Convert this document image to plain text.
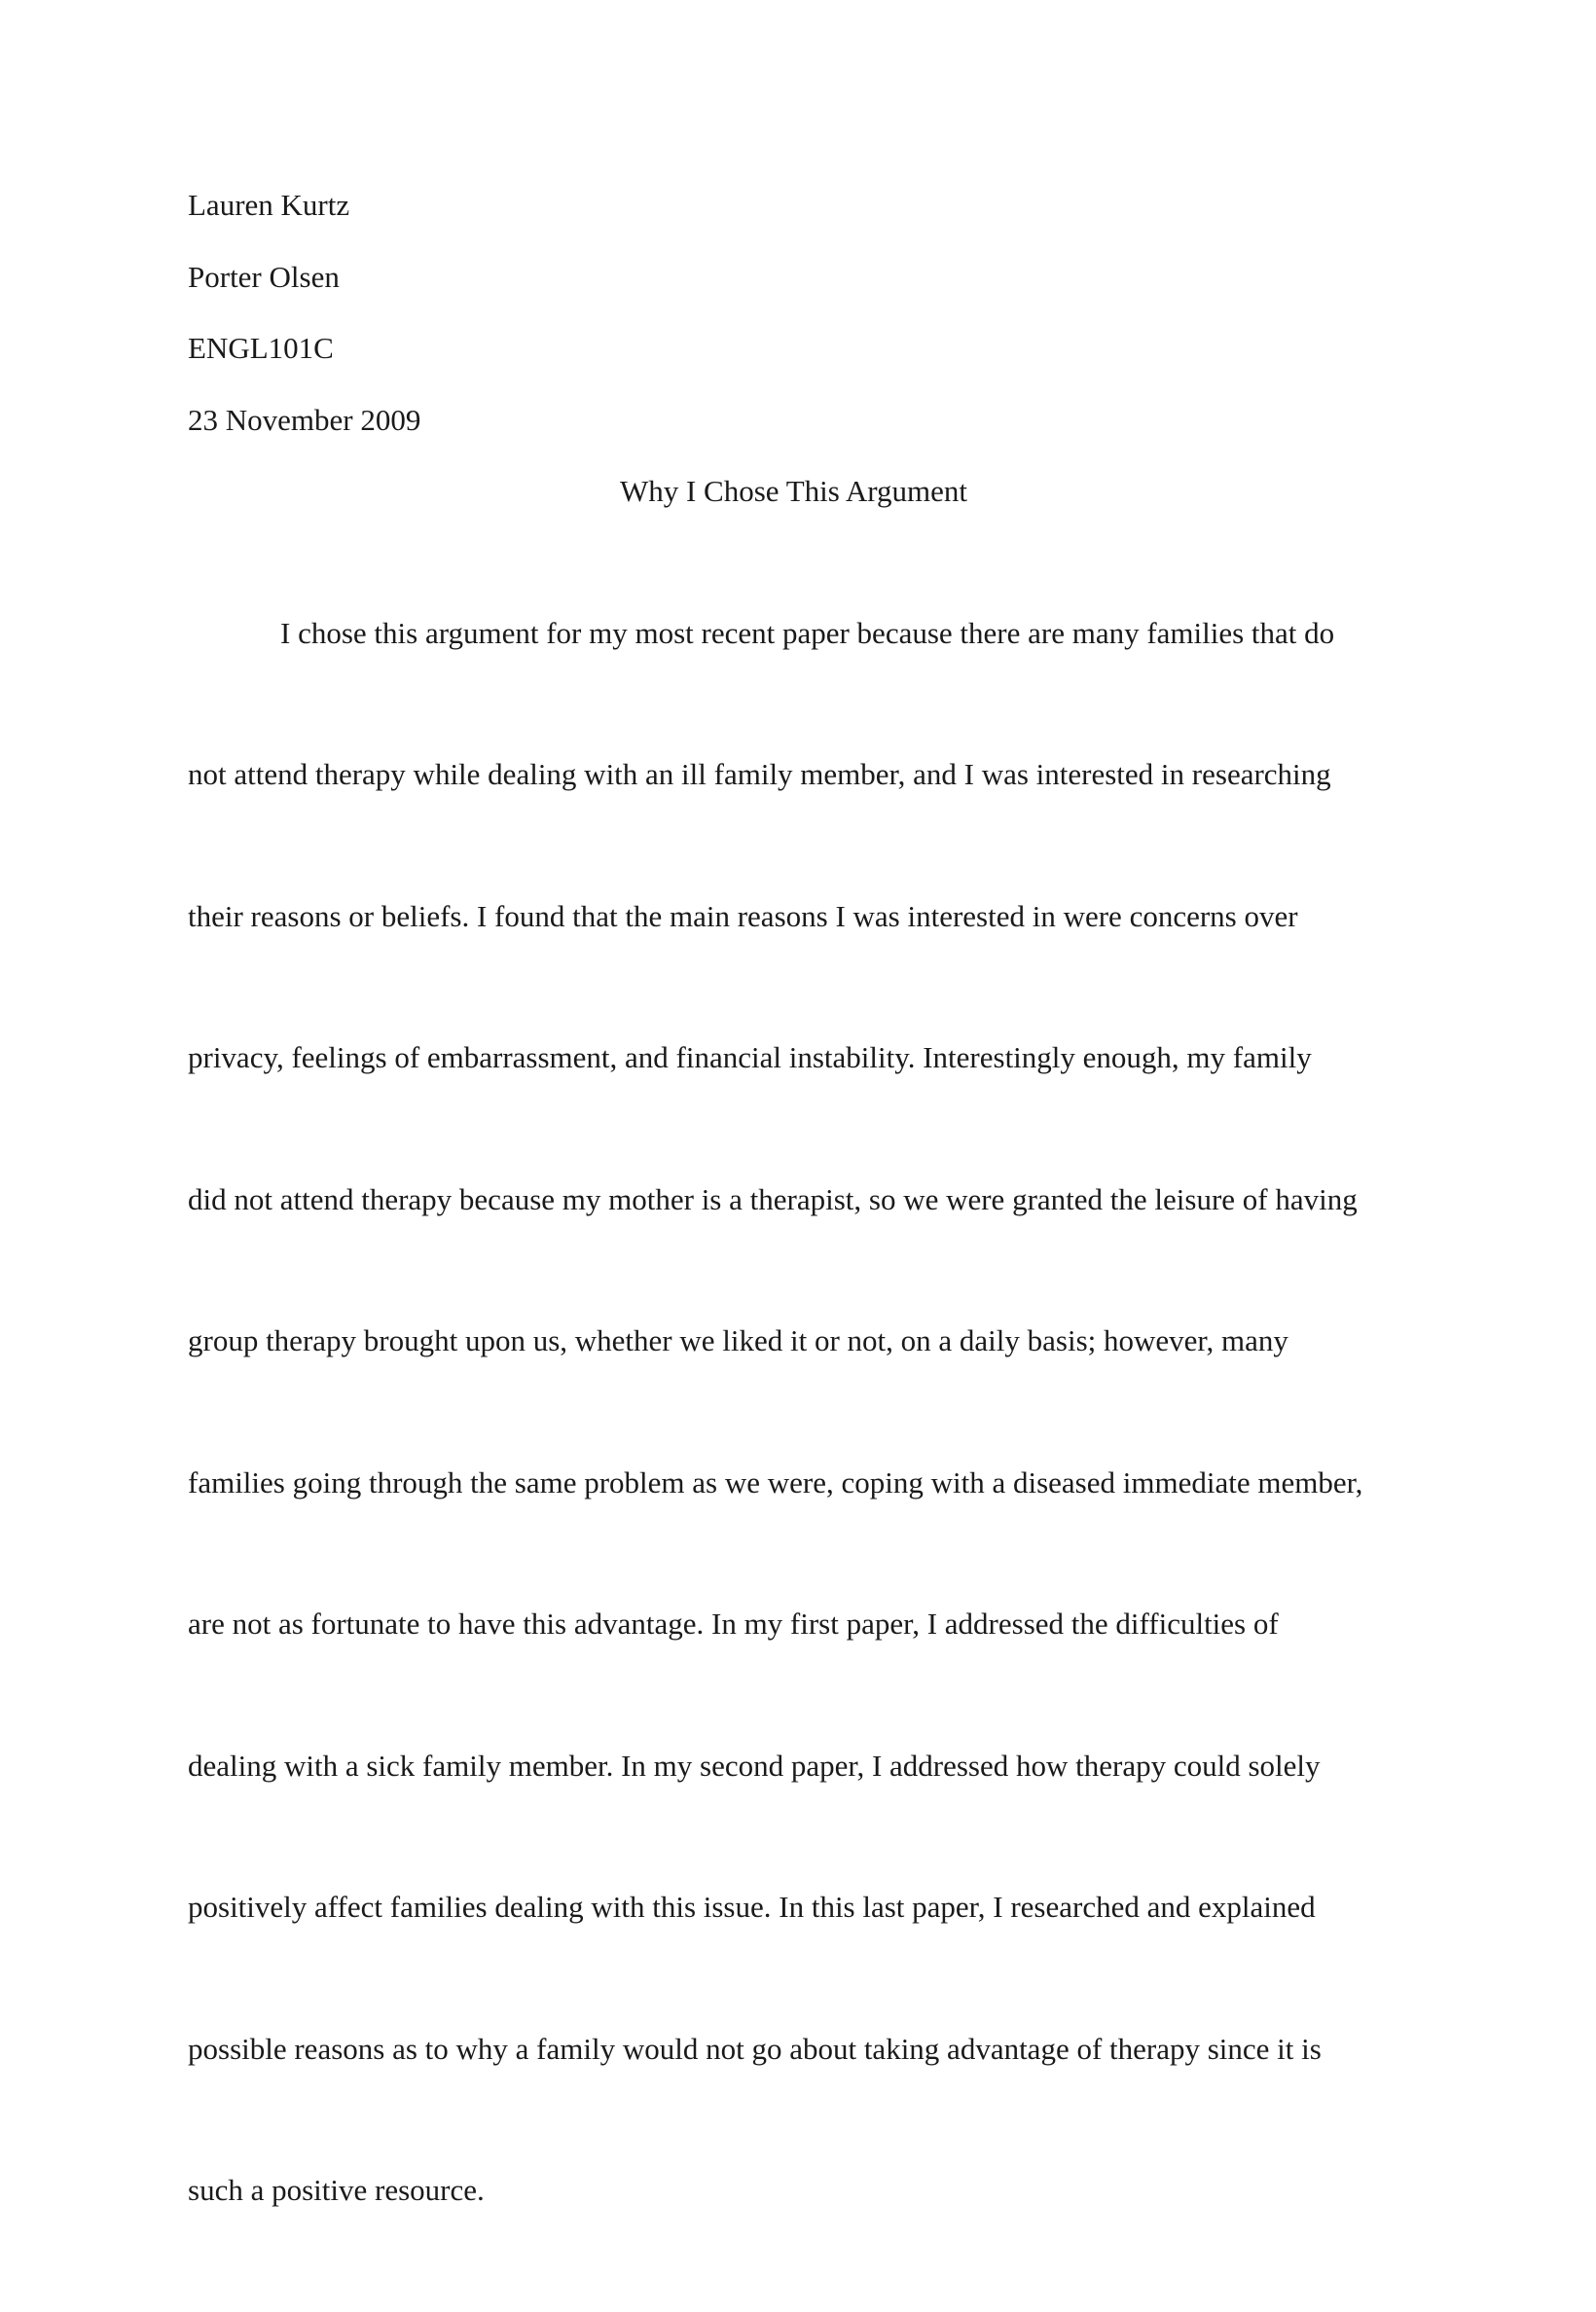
Lauren Kurtz
Porter Olsen
ENGL101C
23 November 2009
Why I Chose This Argument

I chose this argument for my most recent paper because there are many families that do

not attend therapy while dealing with an ill family member, and I was interested in researching

their reasons or beliefs. I found that the main reasons I was interested in were concerns over

privacy, feelings of embarrassment, and financial instability. Interestingly enough, my family

did not attend therapy because my mother is a therapist, so we were granted the leisure of having

group therapy brought upon us, whether we liked it or not, on a daily basis; however, many

families going through the same problem as we were, coping with a diseased immediate member,

are not as fortunate to have this advantage. In my first paper, I addressed the difficulties of

dealing with a sick family member. In my second paper, I addressed how therapy could solely

positively affect families dealing with this issue. In this last paper, I researched and explained

possible reasons as to why a family would not go about taking advantage of therapy since it is

such a positive resource.
